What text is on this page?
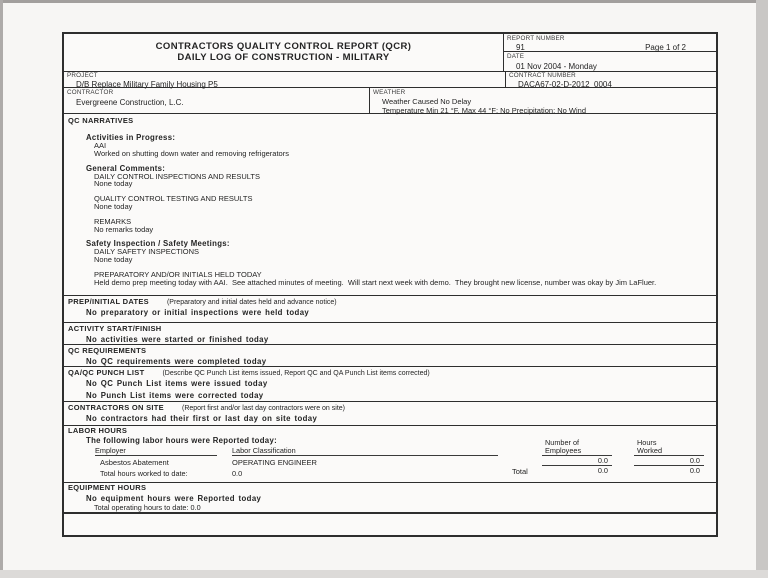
CONTRACTORS QUALITY CONTROL REPORT (QCR)
DAILY LOG OF CONSTRUCTION - MILITARY
REPORT NUMBER
91	Page 1 of 2
DATE
01 Nov 2004 - Monday
PROJECT
D/B Replace Military Family Housing P5
CONTRACT NUMBER
DACA67-02-D-2012  0004
CONTRACTOR
Evergreene Construction, L.C.
WEATHER
Weather Caused No Delay
Temperature Min 21 °F, Max 44 °F; No Precipitation; No Wind
QC NARRATIVES
Activities in Progress:
AAI
Worked on shutting down water and removing refrigerators
General Comments:
DAILY CONTROL INSPECTIONS AND RESULTS
None today
QUALITY CONTROL TESTING AND RESULTS
None today
REMARKS
No remarks today
Safety Inspection / Safety Meetings:
DAILY SAFETY INSPECTIONS
None today
PREPARATORY AND/OR INITIALS HELD TODAY
Held demo prep meeting today with AAI.  See attached minutes of meeting.  Will start next week with demo.  They brought new license, number was okay by Jim LaFluer.
PREP/INITIAL DATES	(Preparatory and initial dates held and advance notice)
No preparatory or initial inspections were held today
ACTIVITY START/FINISH
No activities were started or finished today
QC REQUIREMENTS
No QC requirements were completed today
QA/QC PUNCH LIST	(Describe QC Punch List items issued, Report QC and QA Punch List items corrected)
No QC Punch List items were issued today
No Punch List items were corrected today
CONTRACTORS ON SITE	(Report first and/or last day contractors were on site)
No contractors had their first or last day on site today
LABOR HOURS
The following labor hours were Reported today:
Employer	Labor Classification
Number of
Employees
Hours
Worked
Asbestos Abatement	OPERATING ENGINEER	0.0	0.0
Total	0.0	0.0
Total hours worked to date:	0.0
EQUIPMENT HOURS
No equipment hours were Reported today
Total operating hours to date: 0.0
